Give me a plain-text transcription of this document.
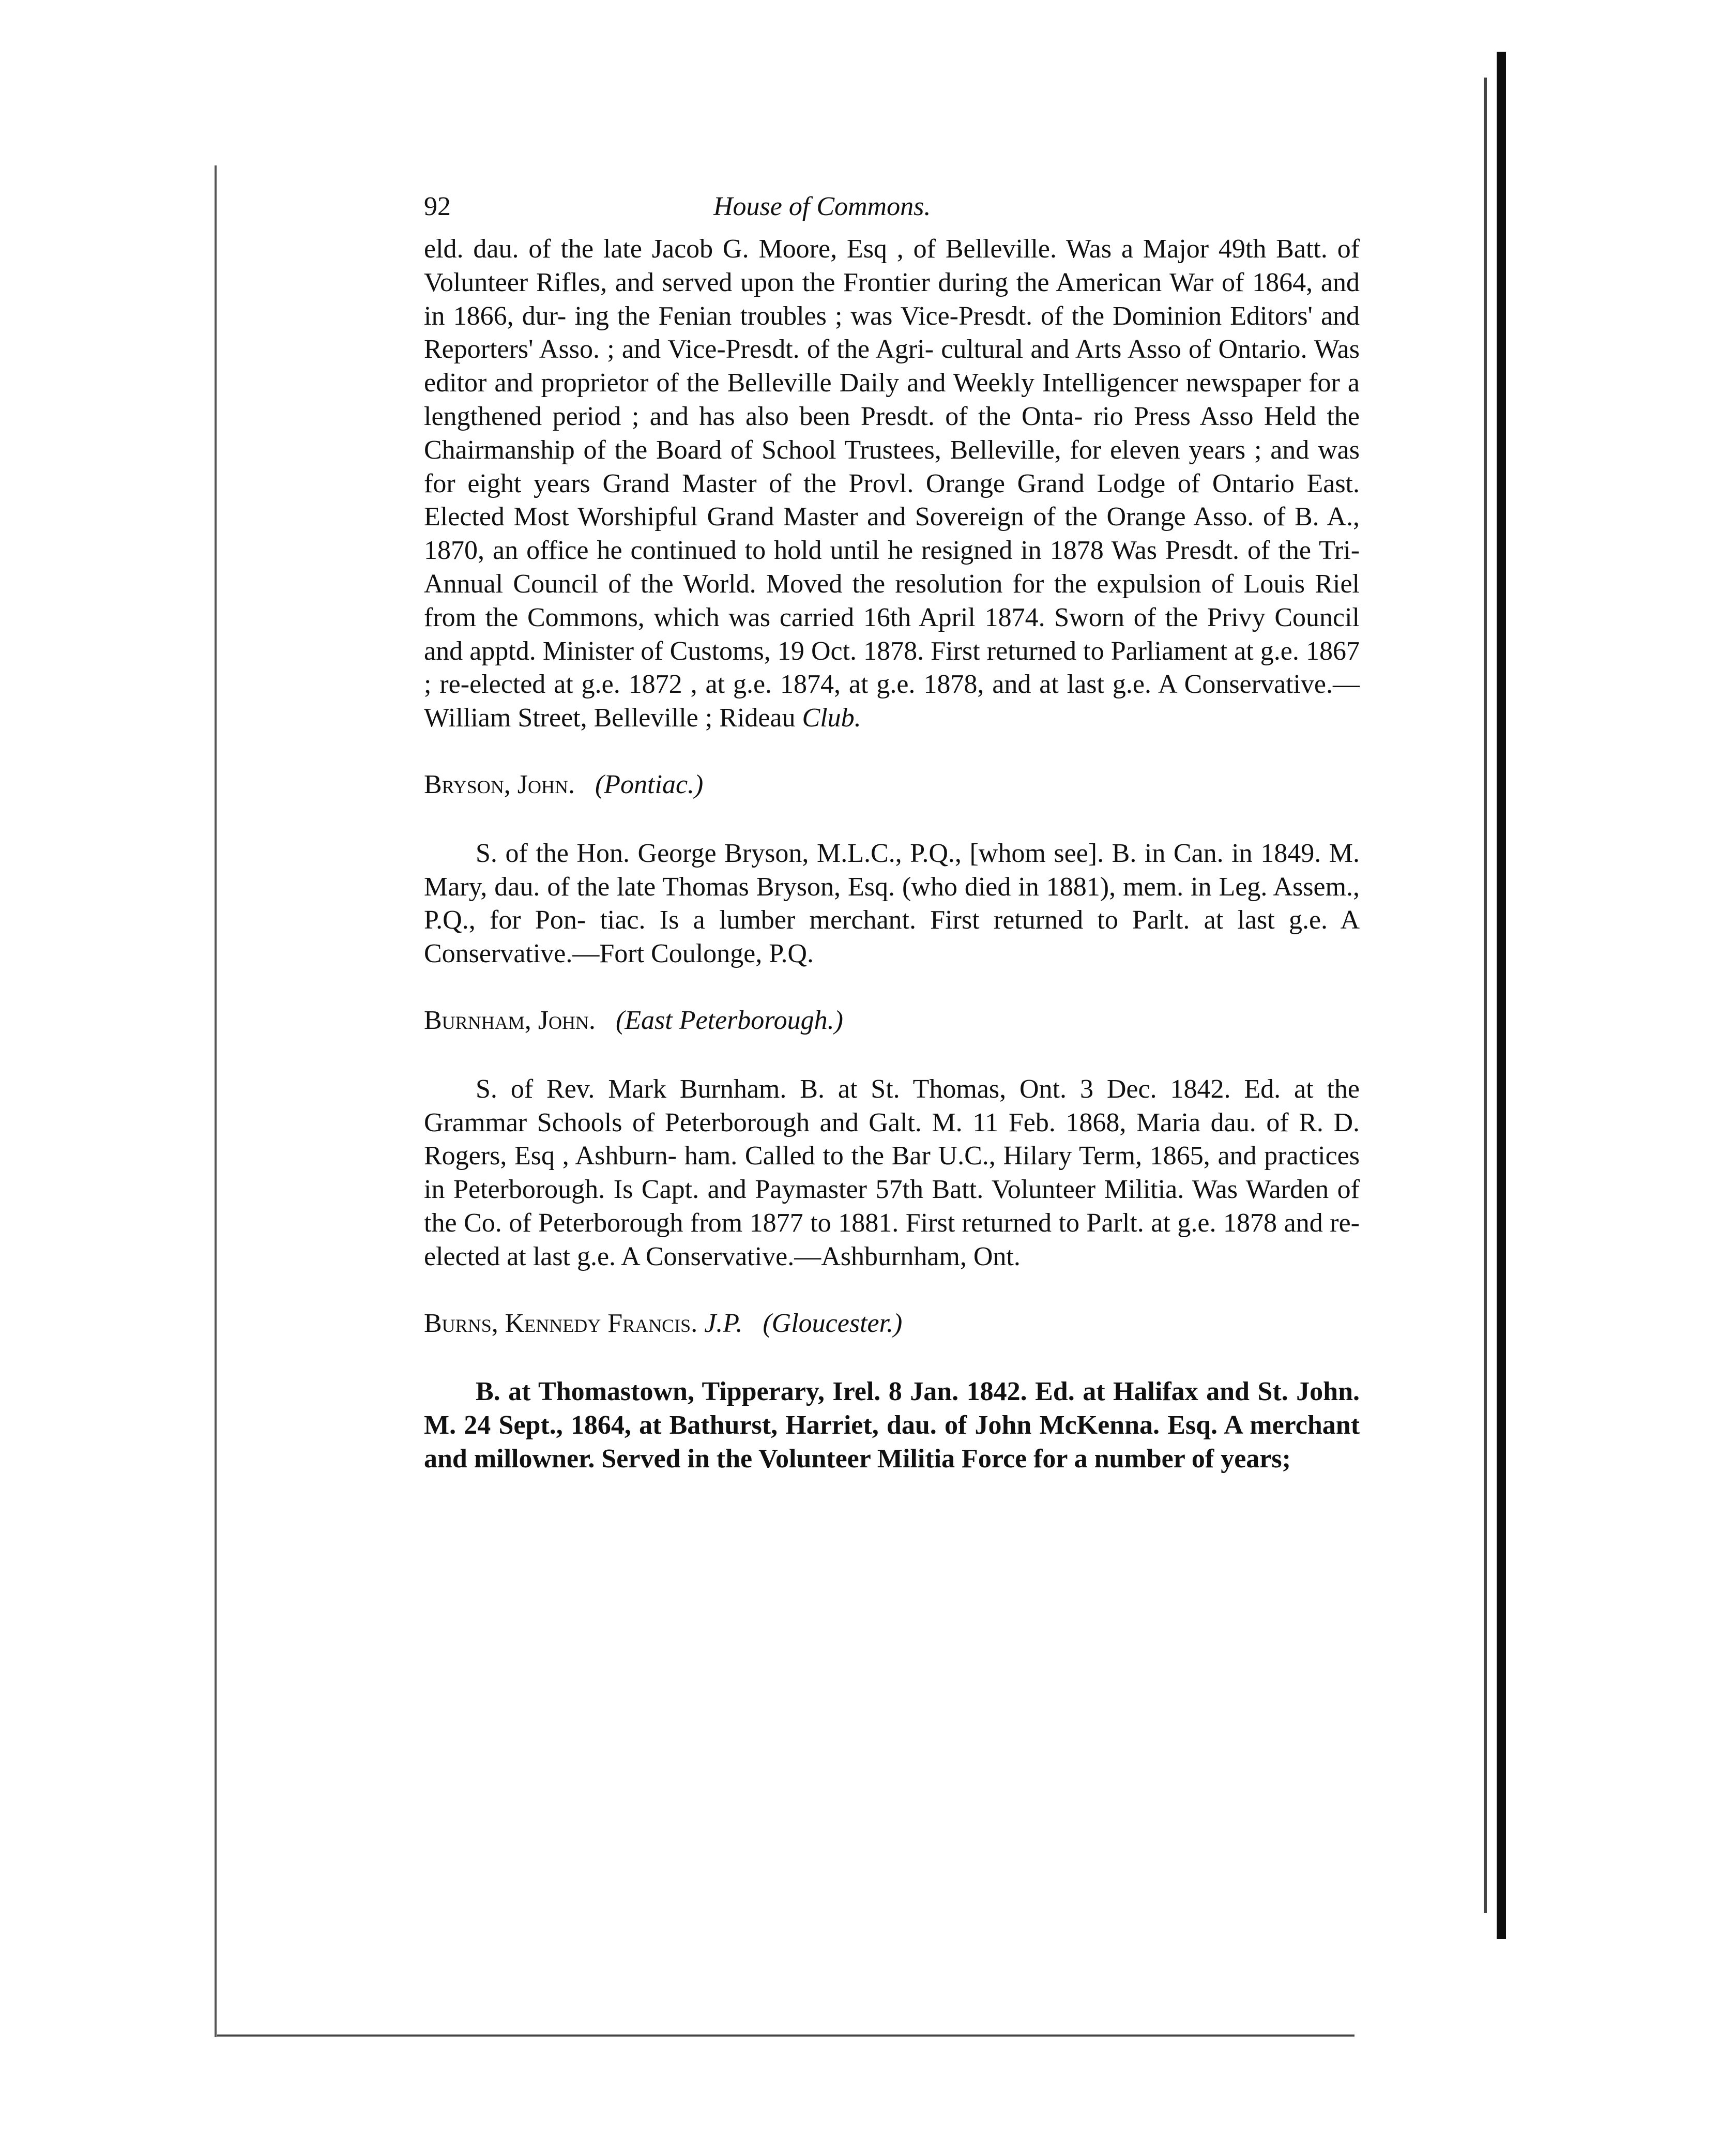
92	House of Commons.

eld. dau. of the late Jacob G. Moore, Esq , of Belleville. Was a Major 49th Batt. of Volunteer Rifles, and served upon the Frontier during the American War of 1864, and in 1866, dur- ing the Fenian troubles ; was Vice-Presdt. of the Dominion Editors' and Reporters' Asso. ; and Vice-Presdt. of the Agri- cultural and Arts Asso of Ontario. Was editor and proprietor of the Belleville Daily and Weekly Intelligencer newspaper for a lengthened period ; and has also been Presdt. of the Onta- rio Press Asso Held the Chairmanship of the Board of School Trustees, Belleville, for eleven years ; and was for eight years Grand Master of the Provl. Orange Grand Lodge of Ontario East. Elected Most Worshipful Grand Master and Sovereign of the Orange Asso. of B. A., 1870, an office he continued to hold until he resigned in 1878 Was Presdt. of the Tri-Annual Council of the World. Moved the resolution for the expulsion of Louis Riel from the Commons, which was carried 16th April 1874. Sworn of the Privy Council and apptd. Minister of Customs, 19 Oct. 1878. First returned to Parliament at g.e. 1867 ; re-elected at g.e. 1872 , at g.e. 1874, at g.e. 1878, and at last g.e. A Conservative.— William Street, Belleville ; Rideau Club.

Bryson, John. (Pontiac.)

S. of the Hon. George Bryson, M.L.C., P.Q., [whom see]. B. in Can. in 1849. M. Mary, dau. of the late Thomas Bryson, Esq. (who died in 1881), mem. in Leg. Assem., P.Q., for Pon- tiac. Is a lumber merchant. First returned to Parlt. at last g.e. A Conservative.—Fort Coulonge, P.Q.

Burnham, John. (East Peterborough.)

S. of Rev. Mark Burnham. B. at St. Thomas, Ont. 3 Dec. 1842. Ed. at the Grammar Schools of Peterborough and Galt. M. 11 Feb. 1868, Maria dau. of R. D. Rogers, Esq , Ashburn- ham. Called to the Bar U.C., Hilary Term, 1865, and practices in Peterborough. Is Capt. and Paymaster 57th Batt. Volunteer Militia. Was Warden of the Co. of Peterborough from 1877 to 1881. First returned to Parlt. at g.e. 1878 and re-elected at last g.e. A Conservative.—Ashburnham, Ont.

Burns, Kennedy Francis. J.P. (Gloucester.)

B. at Thomastown, Tipperary, Irel. 8 Jan. 1842. Ed. at Halifax and St. John. M. 24 Sept., 1864, at Bathurst, Harriet, dau. of John McKenna. Esq. A merchant and millowner. Served in the Volunteer Militia Force for a number of years;
